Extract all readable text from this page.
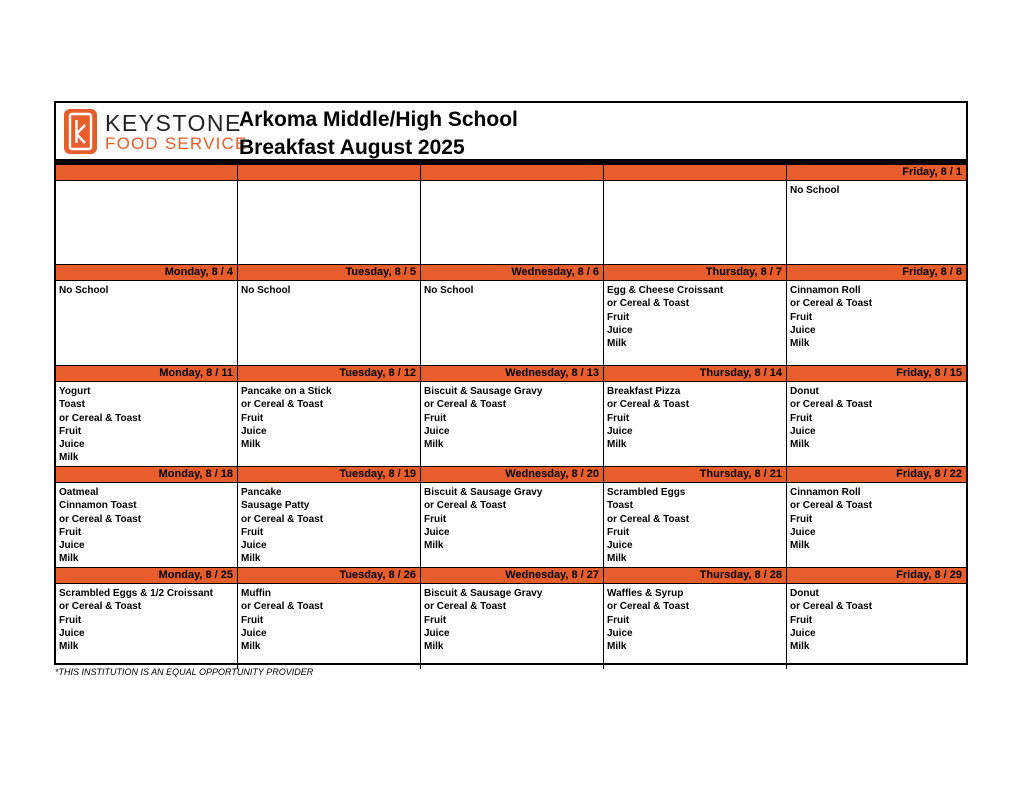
KEYSTONE
FOOD SERVICE
Arkoma Middle/High School
Breakfast August 2025
Friday, 8 / 1
No School
Monday, 8 / 4
No School
Tuesday, 8 / 5
No School
Wednesday, 8 / 6
No School
Thursday, 8 / 7
Egg & Cheese Croissant
or Cereal & Toast
Fruit
Juice
Milk
Friday, 8 / 8
Cinnamon Roll
or Cereal & Toast
Fruit
Juice
Milk
Monday, 8 / 11
Yogurt
Toast
or Cereal & Toast
Fruit
Juice
Milk
Tuesday, 8 / 12
Pancake on a Stick
or Cereal & Toast
Fruit
Juice
Milk
Wednesday, 8 / 13
Biscuit & Sausage Gravy
or Cereal & Toast
Fruit
Juice
Milk
Thursday, 8 / 14
Breakfast Pizza
or Cereal & Toast
Fruit
Juice
Milk
Friday, 8 / 15
Donut
or Cereal & Toast
Fruit
Juice
Milk
Monday, 8 / 18
Oatmeal
Cinnamon Toast
or Cereal & Toast
Fruit
Juice
Milk
Tuesday, 8 / 19
Pancake
Sausage Patty
or Cereal & Toast
Fruit
Juice
Milk
Wednesday, 8 / 20
Biscuit & Sausage Gravy
or Cereal & Toast
Fruit
Juice
Milk
Thursday, 8 / 21
Scrambled Eggs
Toast
or Cereal & Toast
Fruit
Juice
Milk
Friday, 8 / 22
Cinnamon Roll
or Cereal & Toast
Fruit
Juice
Milk
Monday, 8 / 25
Scrambled Eggs & 1/2 Croissant
or Cereal & Toast
Fruit
Juice
Milk
Tuesday, 8 / 26
Muffin
or Cereal & Toast
Fruit
Juice
Milk
Wednesday, 8 / 27
Biscuit & Sausage Gravy
or Cereal & Toast
Fruit
Juice
Milk
Thursday, 8 / 28
Waffles & Syrup
or Cereal & Toast
Fruit
Juice
Milk
Friday, 8 / 29
Donut
or Cereal & Toast
Fruit
Juice
Milk
*THIS INSTITUTION IS AN EQUAL OPPORTUNITY PROVIDER
